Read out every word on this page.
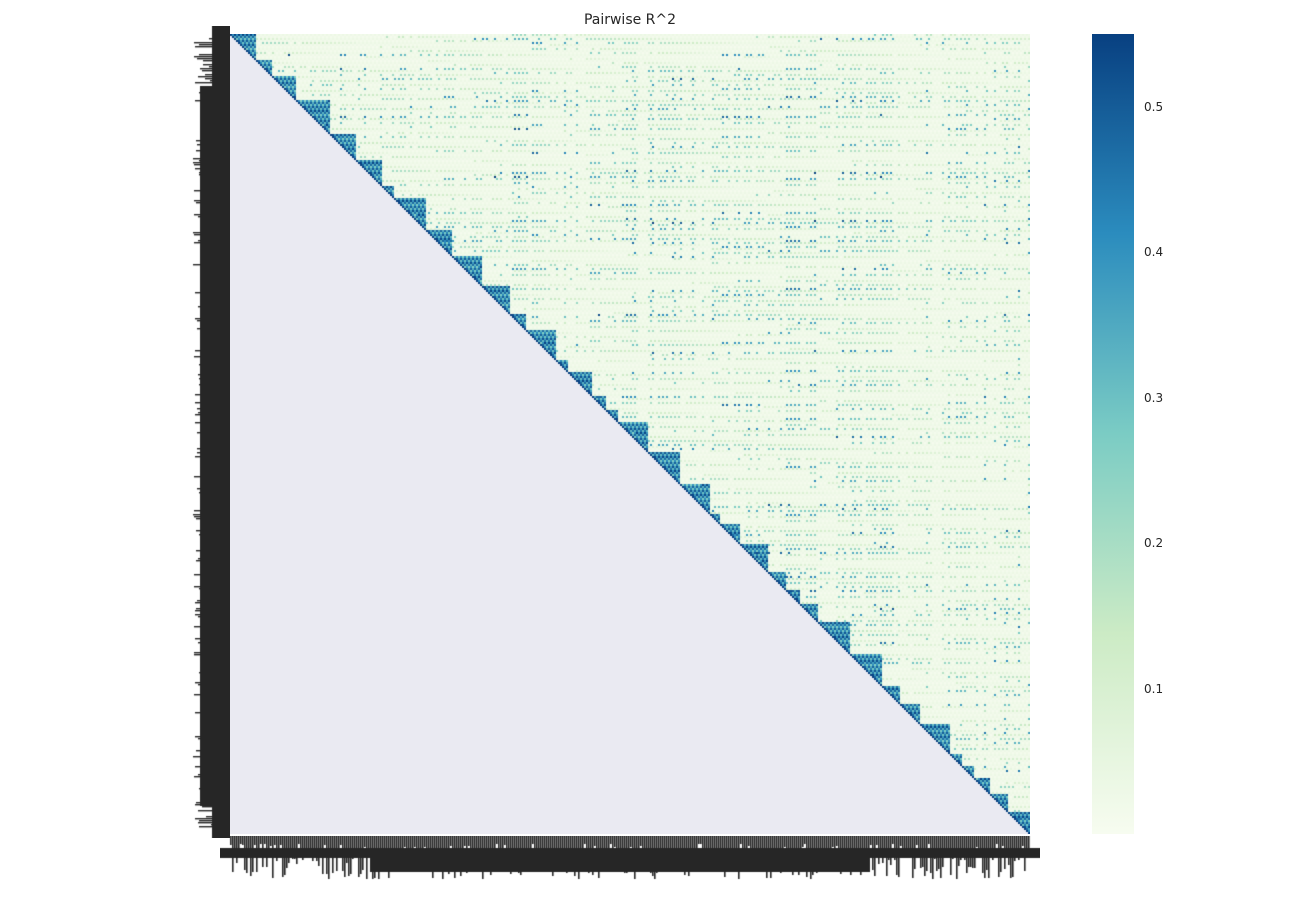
Pairwise R^2
0.1
0.2
0.3
0.4
0.5
